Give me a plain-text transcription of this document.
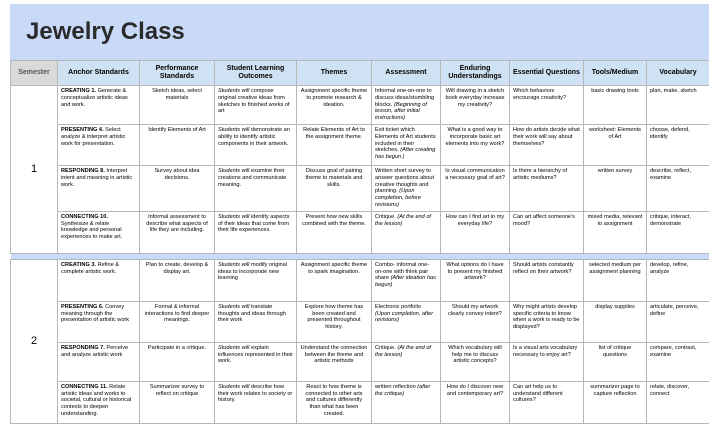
Jewelry Class
Semester	Anchor Standards	Performance Standards	Student Learning Outcomes	Themes	Assessment	Enduring Understandings	Essential Questions	Tools/Medium	Vocabulary
1	CREATING 1. Generate & conceptualize artistic ideas and work.	Sketch ideas, select materials	Students will compose original creative ideas from sketches to finished works of art	Assignment specific theme to promote research & ideation.	Informal one-on-one to discuss ideas/stumbling blocks. (Beginning of lesson, after initial instructions)	Will drawing in a sketch book everyday increase my creativity?	Which behaviors encourage creativity?	basic drawing tools	plan, make, sketch
	PRESENTING 4. Select analyze & interpret artistic work for presentation.	Identify Elements of Art	Students will demonstrate an ability to identify artistic components in their artwork.	Relate Elements of Art to the assignment theme.	Exit ticket which Elements of Art students included in their sketches. (After creating has begun )	What is a good way to incorporate basic art elements into my work?	How do artists decide what their work will say about themselves?	worksheet: Elements of Art	choose, defend, identify
	RESPONDING 8. Interpret intent and meaning in artistic work.	Survey about idea decisions.	Students will examine their creations and communicate meaning.	Discuss goal of pairing theme to materials and skills.	Written short survey to answer questions about creative thoughts and planning. (Upon completion, before revisions)	Is visual communication a necessary goal of art?	Is there a hierarchy of artistic mediums?	written survey	describe, reflect, examine
	CONNECTING 10. Synthesize & relate knowledge and personal experiences to make art.	Informal assessment to describe what aspects of life they are including.	Students will identify aspects of their ideas that come from their life experiences.	Present how new skills combined with the theme.	Critique. (At the end of the lesson)	How can I find art in my everyday life?	Can art affect someone's mood?	mixed media, relevant to assignment	critique, interact, demonstrate

2	CREATING 3. Refine & complete artistic work.	Plan to create, develop & display art.	Students will modify original ideas to incorporate new learning	Assignment specific theme to spark imagination.	Combo- informal one-on-one with think pair share (After ideation has begun)	What options do I have to present my finished artwork?	Should artists constantly reflect on their artwork?	selected medium per assignment planning	develop, refine, analyze
	PRESENTING 6. Convey meaning through the presentation of artistic work	Formal & informal interactions to find deeper meanings.	Students will translate thoughts and ideas through their work	Explore how theme has been created and presented throughout history.	Electronic portfolio (Upon completion, after revisions)	Should my artwork clearly convey intent?	Why might artists develop specific criteria to know when a work is ready to be displayed?	display supplies	articulate, perceive, define
	RESPONDING 7. Perceive and analyze artistic work	Participate in a critique.	Students will explain influences represented in their work.	Understand the connection between the theme and artistic methods	Critique. (At the end of the lesson)	Which vocabulary will help me to discuss artistic concepts?	Is a visual arts vocabulary necessary to enjoy art?	list of critique questions	compare, contrast, examine
	CONNECTING 11. Relate artistic ideas and works to societal, cultural or historical contexts to deepen understanding.	Summarizer survey to reflect on critique	Students will describe how their work relates to society or history.	React to how theme is connected to other arts and cultures differently than what has been created.	written reflection (after the critique)	How do I discover new and contemporary art?	Can art help us to understand different cultures?	summarizer page to capture reflection	relate, discover, connect
